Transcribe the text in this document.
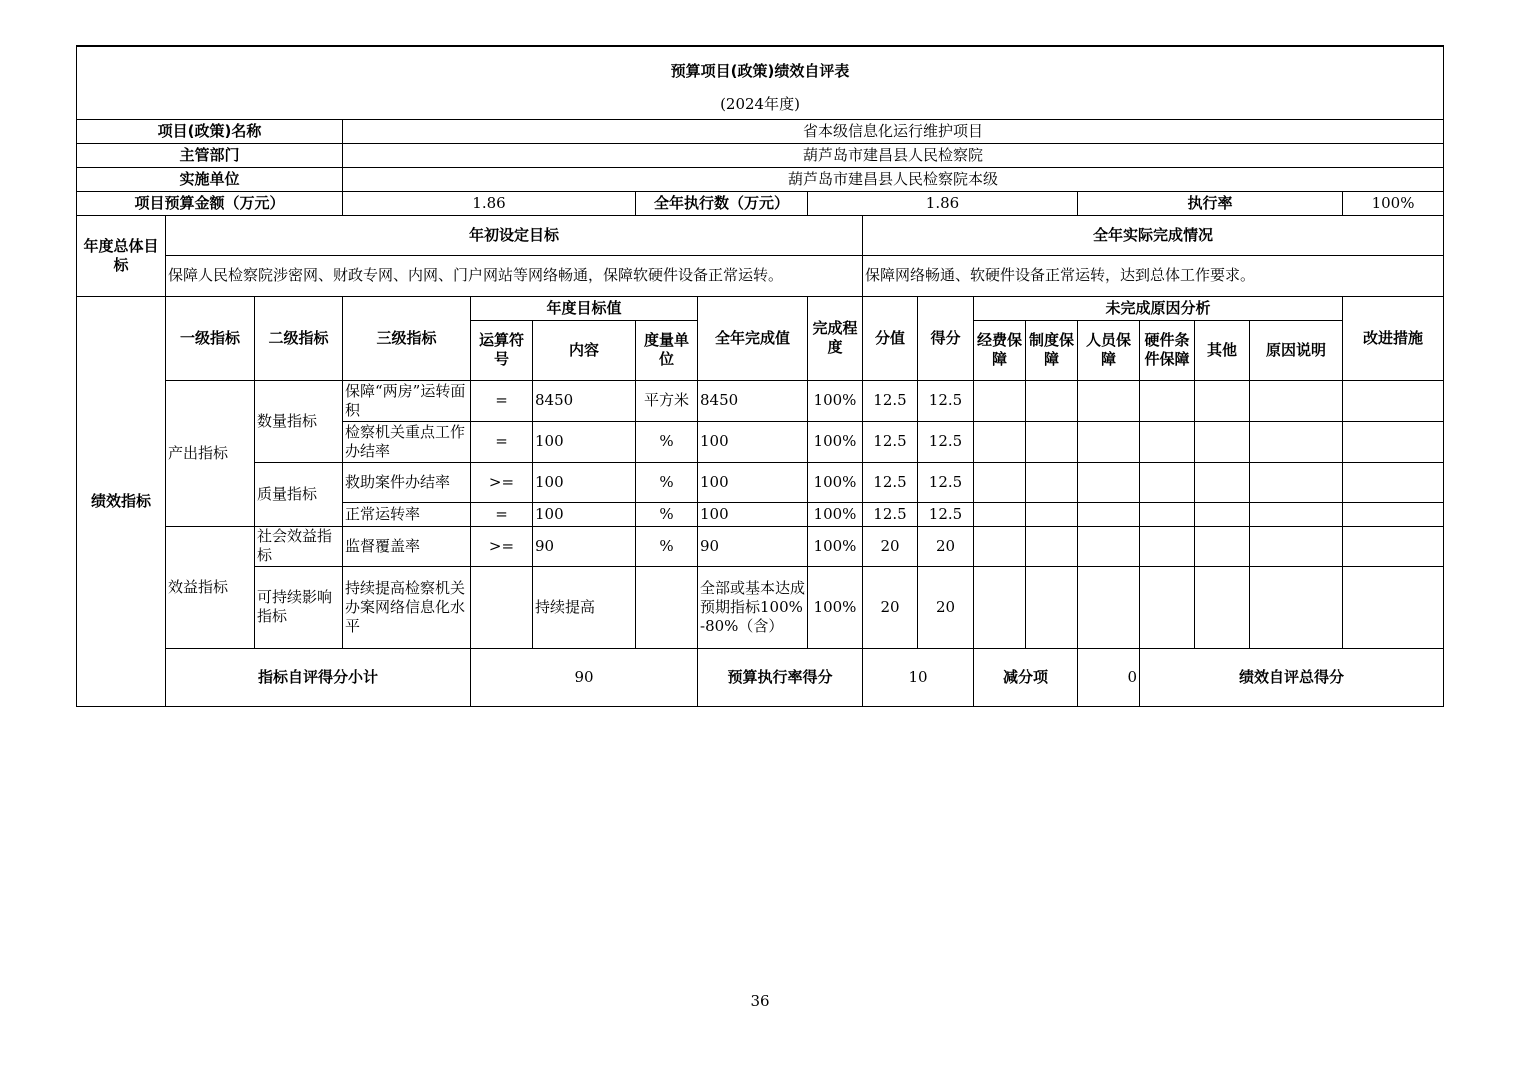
预算项目(政策)绩效自评表																		
(2024年度)																		
项目(政策)名称			省本级信息化运行维护项目															
主管部门			葫芦岛市建昌县人民检察院															
实施单位			葫芦岛市建昌县人民检察院本级															
项目预算金额（万元）			1.86			全年执行数（万元）		1.86					执行率				100%	
年度总体目标	年初设定目标								全年实际完成情况									
	保障人民检察院涉密网、财政专网、内网、门户网站等网络畅通，保障软硬件设备正常运转。								保障网络畅通、软硬件设备正常运转，达到总体工作要求。									
绩效指标	一级指标	二级指标	三级指标	年度目标值			全年完成值	完成程度	分值	得分	未完成原因分析						改进措施	
				运算符号	内容	度量单位					经费保障	制度保障	人员保障	硬件条件保障	其他	原因说明		
	产出指标	数量指标	保障“两房”运转面积	=	8450	平方米	8450	100%	12.5	12.5								
			检察机关重点工作办结率	=	100	%	100	100%	12.5	12.5								
		质量指标	救助案件办结率	>=	100	%	100	100%	12.5	12.5								
			正常运转率	=	100	%	100	100%	12.5	12.5								
	效益指标	社会效益指标	监督覆盖率	>=	90	%	90	100%	20	20								
		可持续影响指标	持续提高检察机关办案网络信息化水平		持续提高		全部或基本达成预期指标100%-80%（含）	100%	20	20								
	指标自评得分小计			90			预算执行率得分		10		减分项		0	绩效自评总得分	
36
